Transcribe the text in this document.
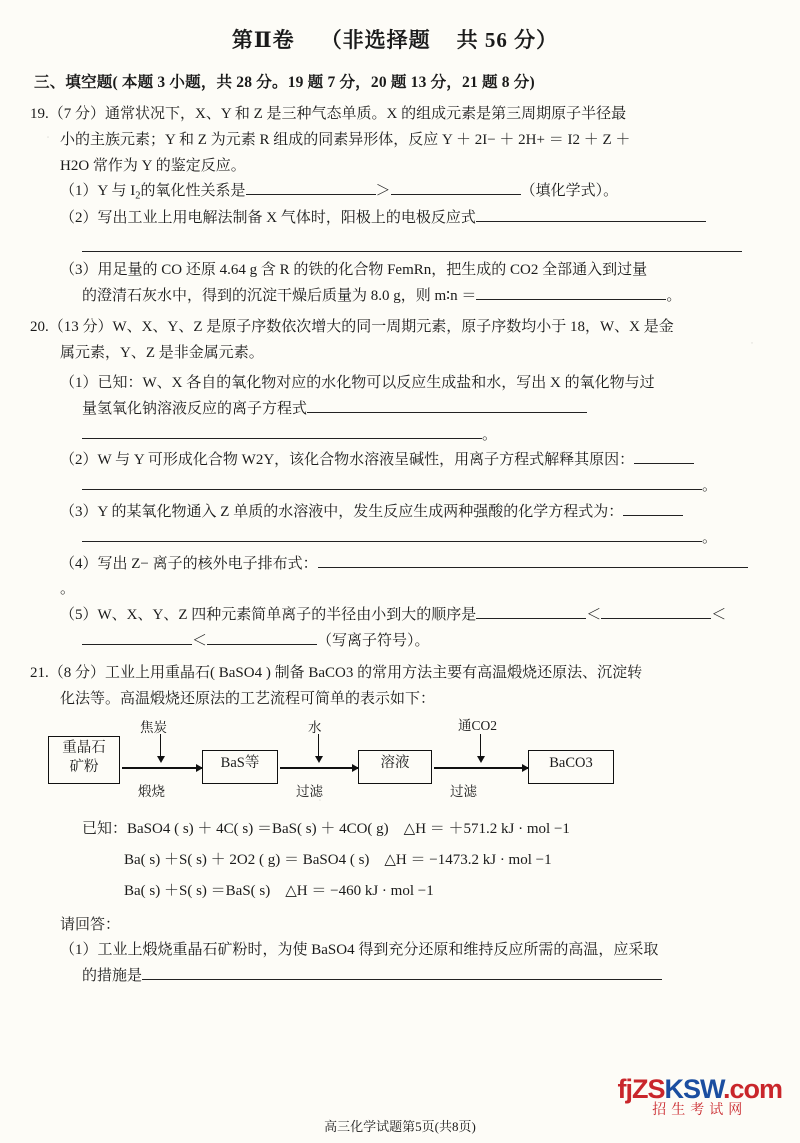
第Ⅱ卷 （非选择题 共 56 分）
三、填空题( 本题 3 小题，共 28 分。19 题 7 分，20 题 13 分，21 题 8 分)
19.（7 分）通常状况下，X、Y 和 Z 是三种气态单质。X 的组成元素是第三周期原子半径最
小的主族元素；Y 和 Z 为元素 R 组成的同素异形体，反应 Y ＋ 2I− ＋ 2H+ ＝ I2 ＋ Z ＋
H2O 常作为 Y 的鉴定反应。
（1）Y 与 $I_2$的氧化性关系是	＞	（填化学式）。
（2）写出工业上用电解法制备 X 气体时，阳极上的电极反应式
（3）用足量的 CO 还原 4.64 g 含 R 的铁的化合物 FemRn，把生成的 CO2 全部通入到过量
的澄清石灰水中，得到的沉淀干燥后质量为 8.0 g，则 m∶n ＝	。
20.（13 分）W、X、Y、Z 是原子序数依次增大的同一周期元素，原子序数均小于 18，W、X 是金
属元素，Y、Z 是非金属元素。
（1）已知：W、X 各自的氧化物对应的水化物可以反应生成盐和水，写出 X 的氧化物与过
量氢氧化钠溶液反应的离子方程式
。
（2）W 与 Y 可形成化合物 W2Y，该化合物水溶液呈碱性，用离子方程式解释其原因：
。
（3）Y 的某氧化物通入 Z 单质的水溶液中，发生反应生成两种强酸的化学方程式为：
。
（4）写出 Z− 离子的核外电子排布式：。
（5）W、X、Y、Z 四种元素简单离子的半径由小到大的顺序是	＜	＜
＜	（写离子符号）。
21.（8 分）工业上用重晶石( BaSO4 ) 制备 BaCO3 的常用方法主要有高温煅烧还原法、沉淀转
化法等。高温煅烧还原法的工艺流程可简单的表示如下：
重晶石
矿粉
焦炭
煅烧
BaS等
水
过滤
溶液
通CO2
过滤
BaCO3
已知：BaSO4 ( s) ＋ 4C( s) ＝BaS( s) ＋ 4CO( g)　△H ＝ ＋571.2 kJ · mol −1
Ba( s) ＋S( s) ＋ 2O2 ( g) ＝ BaSO4 ( s)　△H ＝ −1473.2 kJ · mol −1
Ba( s) ＋S( s) ＝BaS( s)　△H ＝ −460 kJ · mol −1
请回答：
（1）工业上煅烧重晶石矿粉时，为使 BaSO4 得到充分还原和维持反应所需的高温，应采取
的措施是
fjZSKSW.com
招生考试网
高三化学试题第5页(共8页)
